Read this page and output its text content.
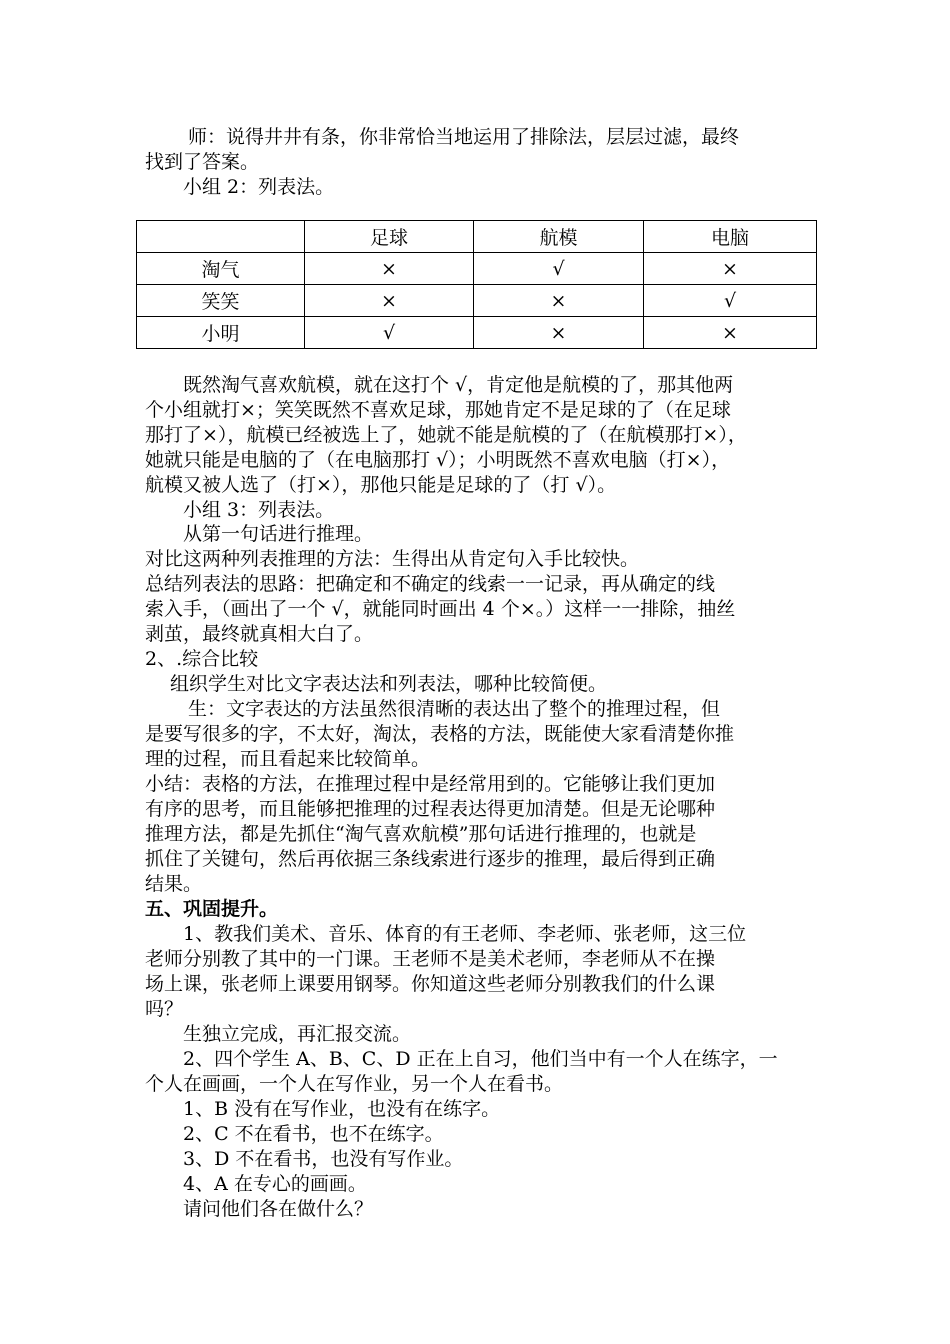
师：说得井井有条，你非常恰当地运用了排除法，层层过滤，最终
找到了答案。
小组 2：列表法。
	足球	航模	电脑
淘气	×	√	×
笑笑	×	×	√
小明	√	×	×
既然淘气喜欢航模，就在这打个 √，肯定他是航模的了，那其他两
个小组就打×；笑笑既然不喜欢足球，那她肯定不是足球的了（在足球
那打了×），航模已经被选上了，她就不能是航模的了（在航模那打×），
她就只能是电脑的了（在电脑那打 √）；小明既然不喜欢电脑（打×），
航模又被人选了（打×），那他只能是足球的了（打 √）。
小组 3：列表法。
从第一句话进行推理。
对比这两种列表推理的方法：生得出从肯定句入手比较快。
总结列表法的思路：把确定和不确定的线索一一记录，再从确定的线
索入手，（画出了一个 √，就能同时画出 4 个×。）这样一一排除，抽丝
剥茧，最终就真相大白了。
2、.综合比较
组织学生对比文字表达法和列表法，哪种比较简便。
生：文字表达的方法虽然很清晰的表达出了整个的推理过程，但
是要写很多的字，不太好，淘汰，表格的方法，既能使大家看清楚你推
理的过程，而且看起来比较简单。
小结：表格的方法，在推理过程中是经常用到的。它能够让我们更加
有序的思考，而且能够把推理的过程表达得更加清楚。但是无论哪种
推理方法，都是先抓住“淘气喜欢航模”那句话进行推理的，也就是
抓住了关键句，然后再依据三条线索进行逐步的推理，最后得到正确
结果。
五、巩固提升。
1、教我们美术、音乐、体育的有王老师、李老师、张老师，这三位
老师分别教了其中的一门课。王老师不是美术老师，李老师从不在操
场上课，张老师上课要用钢琴。你知道这些老师分别教我们的什么课
吗？
生独立完成，再汇报交流。
2、四个学生 A、B、C、D 正在上自习，他们当中有一个人在练字，一
个人在画画，一个人在写作业，另一个人在看书。
1、B 没有在写作业，也没有在练字。
2、C 不在看书，也不在练字。
3、D 不在看书，也没有写作业。
4、A 在专心的画画。
请问他们各在做什么？
